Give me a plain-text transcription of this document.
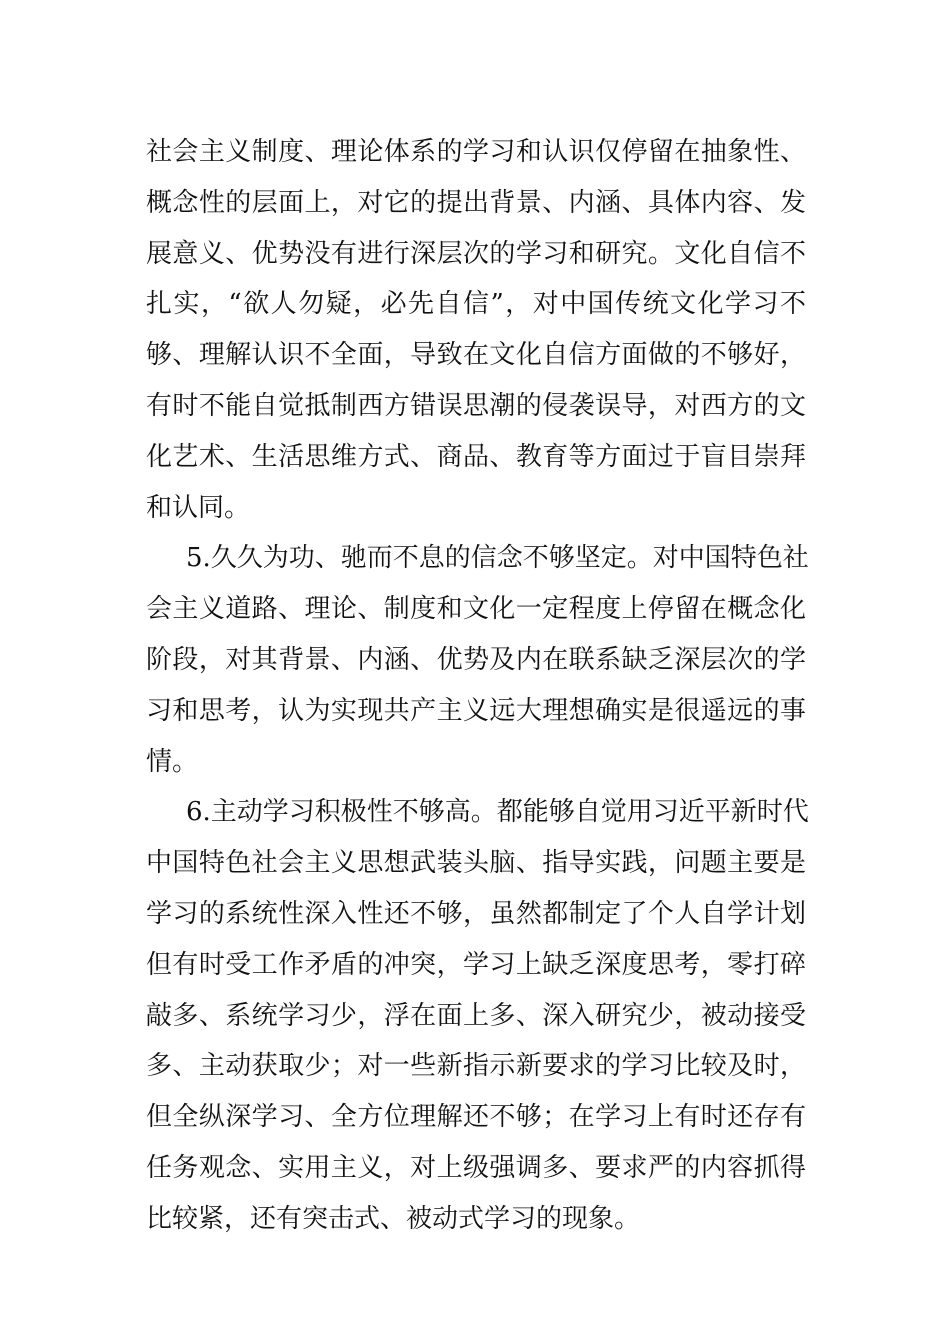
社会主义制度、理论体系的学习和认识仅停留在抽象性、
概念性的层面上，对它的提出背景、内涵、具体内容、发
展意义、优势没有进行深层次的学习和研究。文化自信不
扎实，“欲人勿疑，必先自信”，对中国传统文化学习不
够、理解认识不全面，导致在文化自信方面做的不够好，
有时不能自觉抵制西方错误思潮的侵袭误导，对西方的文
化艺术、生活思维方式、商品、教育等方面过于盲目崇拜
和认同。
5.久久为功、驰而不息的信念不够坚定。对中国特色社
会主义道路、理论、制度和文化一定程度上停留在概念化
阶段，对其背景、内涵、优势及内在联系缺乏深层次的学
习和思考，认为实现共产主义远大理想确实是很遥远的事
情。
6.主动学习积极性不够高。都能够自觉用习近平新时代
中国特色社会主义思想武装头脑、指导实践，问题主要是
学习的系统性深入性还不够，虽然都制定了个人自学计划
但有时受工作矛盾的冲突，学习上缺乏深度思考，零打碎
敲多、系统学习少，浮在面上多、深入研究少，被动接受
多、主动获取少；对一些新指示新要求的学习比较及时，
但全纵深学习、全方位理解还不够；在学习上有时还存有
任务观念、实用主义，对上级强调多、要求严的内容抓得
比较紧，还有突击式、被动式学习的现象。
